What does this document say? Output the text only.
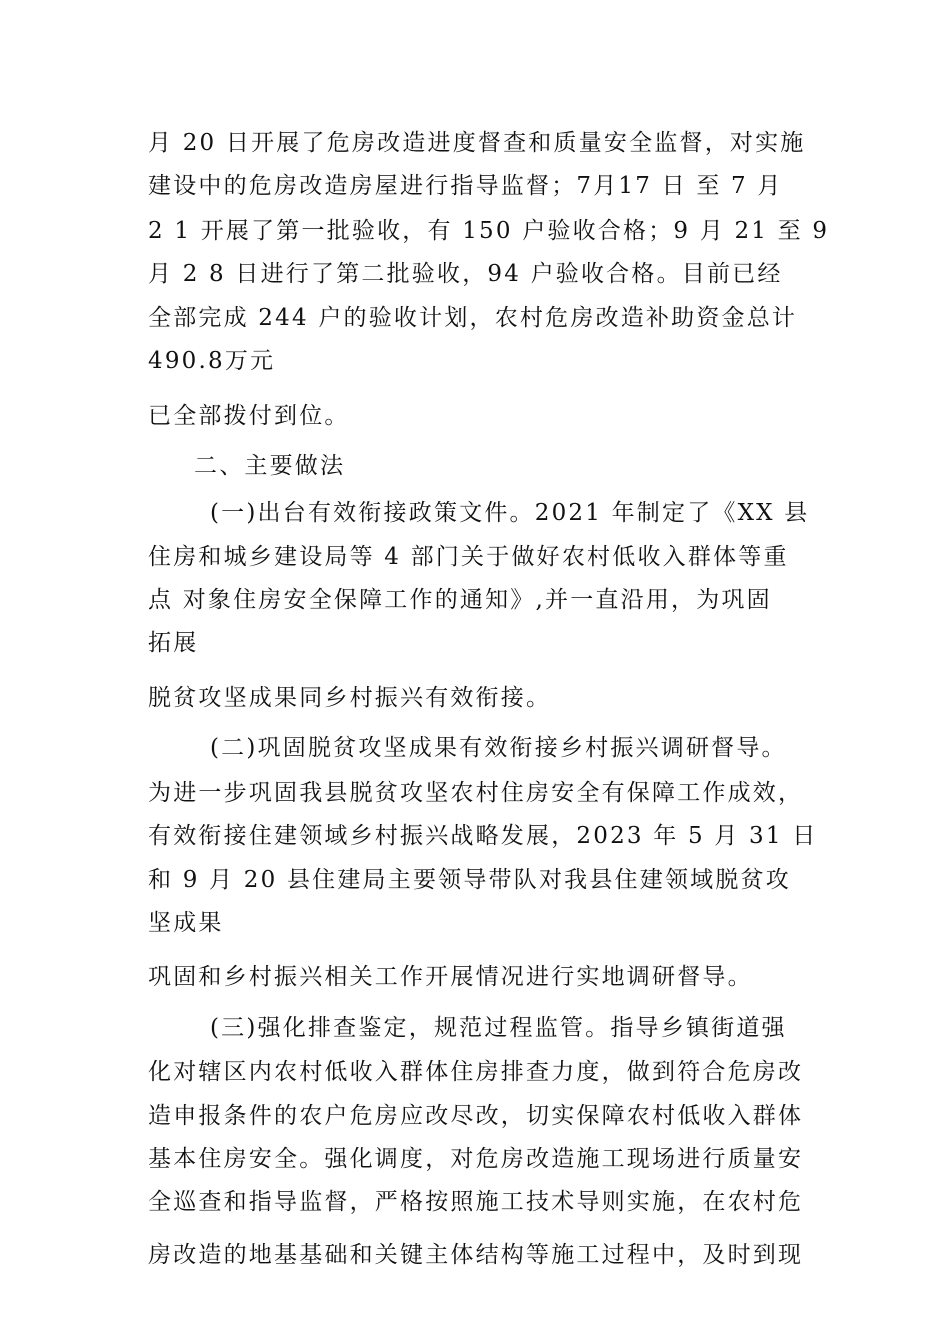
月 20 日开展了危房改造进度督查和质量安全监督，对实施
建设中的危房改造房屋进行指导监督；7月17 日 至 7 月
2 1 开展了第一批验收，有 150 户验收合格；9 月 21 至 9
月 2 8 日进行了第二批验收，94 户验收合格。目前已经
全部完成 244 户的验收计划，农村危房改造补助资金总计
490.8万元
已全部拨付到位。
二、主要做法
(一)出台有效衔接政策文件。2021 年制定了《XX 县
住房和城乡建设局等 4 部门关于做好农村低收入群体等重
点 对象住房安全保障工作的通知》,并一直沿用，为巩固
拓展
脱贫攻坚成果同乡村振兴有效衔接。
(二)巩固脱贫攻坚成果有效衔接乡村振兴调研督导。
为进一步巩固我县脱贫攻坚农村住房安全有保障工作成效，
有效衔接住建领域乡村振兴战略发展，2023 年 5 月 31 日
和 9 月 20 县住建局主要领导带队对我县住建领域脱贫攻
坚成果
巩固和乡村振兴相关工作开展情况进行实地调研督导。
(三)强化排查鉴定，规范过程监管。指导乡镇街道强
化对辖区内农村低收入群体住房排查力度，做到符合危房改
造申报条件的农户危房应改尽改，切实保障农村低收入群体
基本住房安全。强化调度，对危房改造施工现场进行质量安
全巡查和指导监督，严格按照施工技术导则实施，在农村危
房改造的地基基础和关键主体结构等施工过程中，及时到现
